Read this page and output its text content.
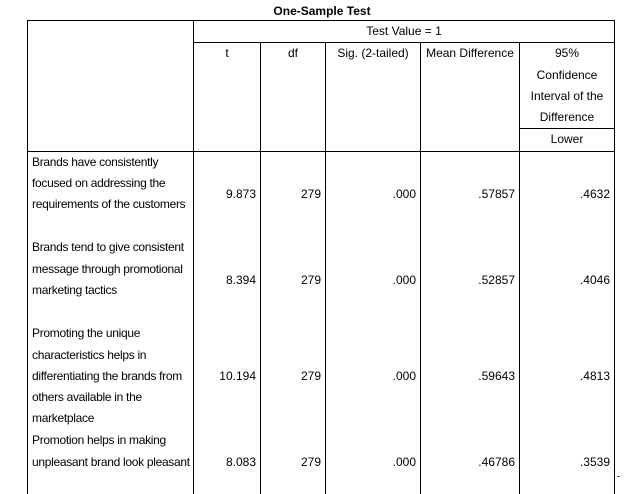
One-Sample Test
	Test Value = 1				
	t	df	Sig. (2-tailed)	Mean Difference	95% Confidence Interval of the Difference
					Lower
Brands have consistently focused on addressing the requirements of the customers	9.873	279	.000	.57857	.4632
Brands tend to give consistent message through promotional marketing tactics	8.394	279	.000	.52857	.4046
Promoting the unique characteristics helps in differentiating the brands from others available in the marketplace	10.194	279	.000	.59643	.4813
Promotion helps in making unpleasant brand look pleasant	8.083	279	.000	.46786	.3539
